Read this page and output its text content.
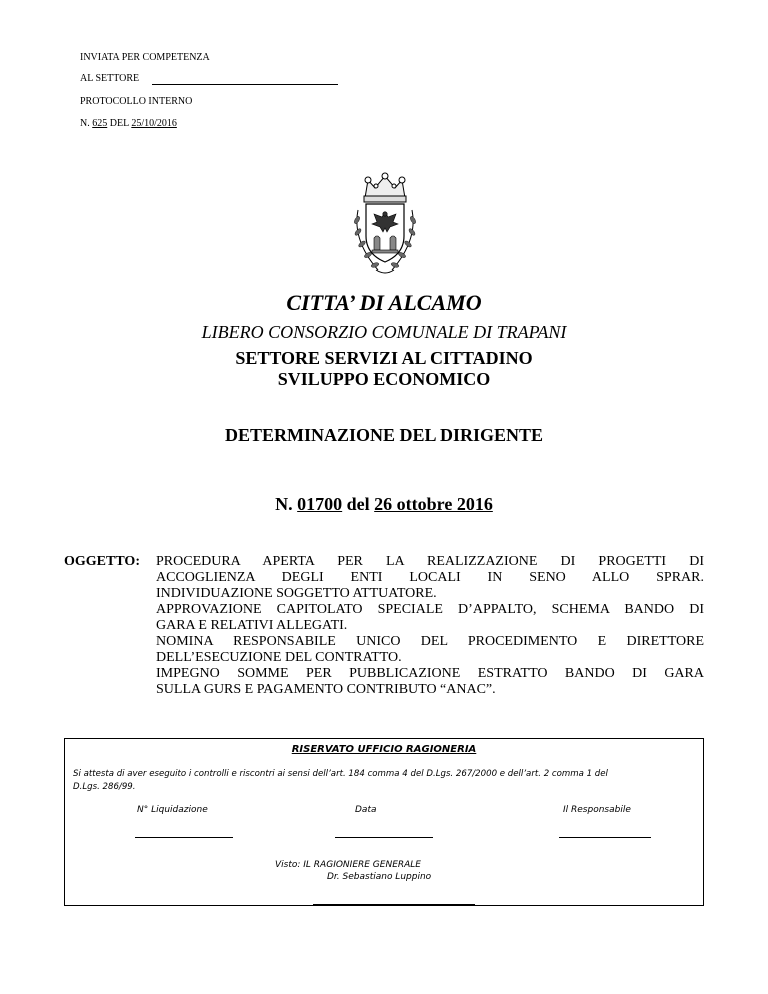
INVIATA PER COMPETENZA
AL SETTORE
PROTOCOLLO INTERNO
N. 625 DEL 25/10/2016
CITTA’ DI ALCAMO
LIBERO CONSORZIO COMUNALE DI TRAPANI
SETTORE SERVIZI AL CITTADINO
SVILUPPO ECONOMICO
DETERMINAZIONE DEL DIRIGENTE
N. 01700 del 26 ottobre 2016
OGGETTO: PROCEDURA APERTA PER LA REALIZZAZIONE DI PROGETTI DI
ACCOGLIENZA DEGLI ENTI LOCALI IN SENO ALLO SPRAR.
INDIVIDUAZIONE SOGGETTO ATTUATORE.
APPROVAZIONE CAPITOLATO SPECIALE D’APPALTO, SCHEMA BANDO DI
GARA E RELATIVI ALLEGATI.
NOMINA RESPONSABILE UNICO DEL PROCEDIMENTO E DIRETTORE
DELL’ESECUZIONE DEL CONTRATTO.
IMPEGNO SOMME PER PUBBLICAZIONE ESTRATTO BANDO DI GARA
SULLA GURS E PAGAMENTO CONTRIBUTO “ANAC”.
RISERVATO UFFICIO RAGIONERIA
Si attesta di aver eseguito i controlli e riscontri ai sensi dell’art. 184 comma 4 del D.Lgs. 267/2000 e dell’art. 2 comma 1 del
D.Lgs. 286/99.
N° Liquidazione	Data	Il Responsabile
Visto: IL RAGIONIERE GENERALE
Dr. Sebastiano Luppino
